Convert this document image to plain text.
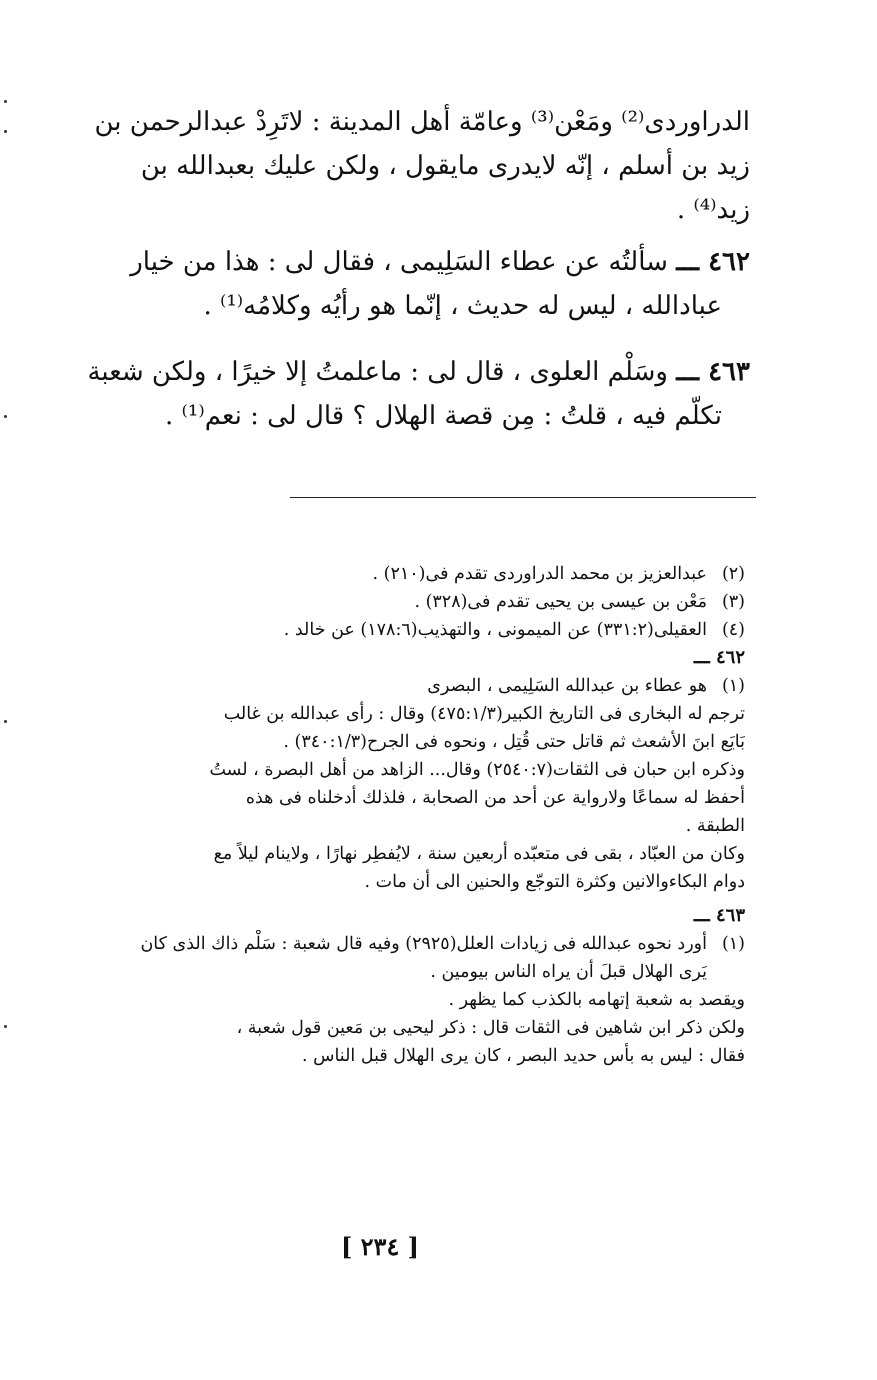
الدراوردى⁽²⁾ ومَعْن⁽³⁾ وعامّة أهل المدينة : لاتَرِدْ عبدالرحمن بن

زيد بن أسلم ، إنّه لايدرى مايقول ، ولكن عليك بعبدالله بن

زيد⁽⁴⁾ .

٤٦٢ ـــ سألتُه عن عطاء السَلِيمى ، فقال لى : هذا من خيار

عبادالله ، ليس له حديث ، إنّما هو رأيُه وكلامُه⁽¹⁾ .

٤٦٣ ـــ وسَلْم العلوى ، قال لى : ماعلمتُ إلا خيرًا ، ولكن شعبة

تكلّم فيه ، قلتُ : مِن قصة الهلال ؟ قال لى : نعم⁽¹⁾ .

(٢)
عبدالعزيز بن محمد الدراوردى تقدم فى(٢١٠) .
(٣)
مَعْن بن عيسى بن يحيى تقدم فى(٣٢٨) .
(٤)
العقيلى(٣٣١:٢) عن الميمونى ، والتهذيب(١٧٨:٦) عن خالد .

٤٦٢ ـــ

(١)

هو عطاء بن عبدالله السَلِيمى ، البصرى

ترجم له البخارى فى التاريخ الكبير(٤٧٥:١/٣) وقال : رأى عبدالله بن غالب

بَايَع ابنَ الأشعث ثم قاتل حتى قُتِل ، ونحوه فى الجرح(٣٤٠:١/٣) .

وذكره ابن حبان فى الثقات(٢٥٤٠:٧) وقال... الزاهد من أهل البصرة ، لستُ

أحفظ له سماعًا ولارواية عن أحد من الصحابة ، فلذلك أدخلناه فى هذه

الطبقة .

وكان من العبّاد ، بقى فى متعبّده أربعين سنة ، لايُفطِر نهارًا ، ولاينام ليلاً مع

دوام البكاءوالانين وكثرة التوجّع والحنين الى أن مات .

٤٦٣ ـــ

(١)

أورد نحوه عبدالله فى زيادات العلل(٢٩٢٥) وفيه قال شعبة : سَلْم ذاك الذى كان

يَرى الهلال قبلَ أن يراه الناس بيومين .

ويقصد به شعبة إتهامه بالكذب كما يظهر .

ولكن ذكر ابن شاهين فى الثقات قال : ذكر ليحيى بن مَعين قول شعبة ،

فقال : ليس به بأس حديد البصر ، كان يرى الهلال قبل الناس .

[ ٢٣٤ ]
